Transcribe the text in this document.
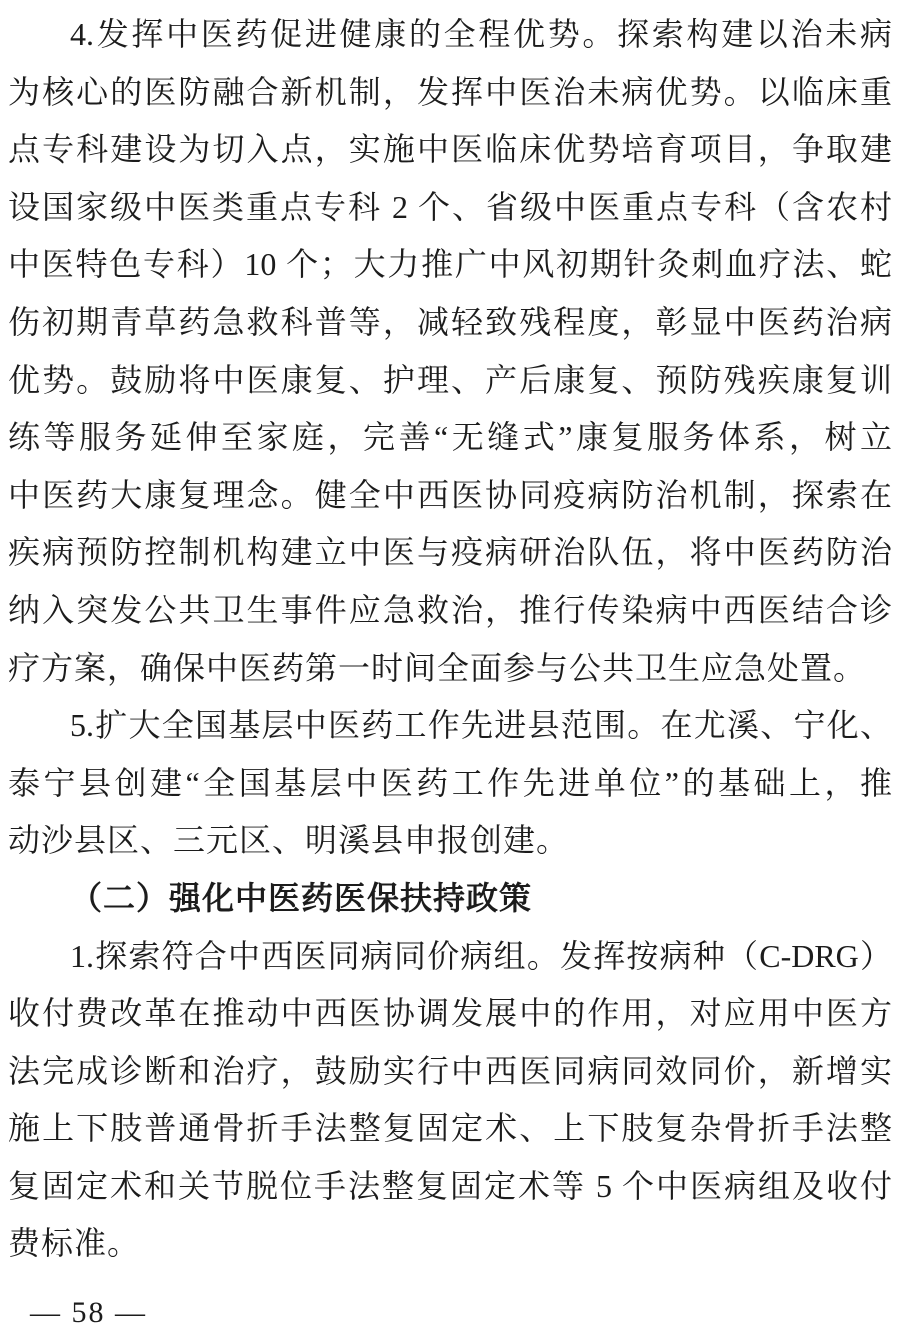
4.发挥中医药促进健康的全程优势。探索构建以治未病
为核心的医防融合新机制，发挥中医治未病优势。以临床重
点专科建设为切入点，实施中医临床优势培育项目，争取建
设国家级中医类重点专科 2 个、省级中医重点专科（含农村
中医特色专科）10 个；大力推广中风初期针灸刺血疗法、蛇
伤初期青草药急救科普等，减轻致残程度，彰显中医药治病
优势。鼓励将中医康复、护理、产后康复、预防残疾康复训
练等服务延伸至家庭，完善“无缝式”康复服务体系，树立
中医药大康复理念。健全中西医协同疫病防治机制，探索在
疾病预防控制机构建立中医与疫病研治队伍，将中医药防治
纳入突发公共卫生事件应急救治，推行传染病中西医结合诊
疗方案，确保中医药第一时间全面参与公共卫生应急处置。
5.扩大全国基层中医药工作先进县范围。在尤溪、宁化、
泰宁县创建“全国基层中医药工作先进单位”的基础上，推
动沙县区、三元区、明溪县申报创建。
（二）强化中医药医保扶持政策
1.探索符合中西医同病同价病组。发挥按病种（C-DRG）
收付费改革在推动中西医协调发展中的作用，对应用中医方
法完成诊断和治疗，鼓励实行中西医同病同效同价，新增实
施上下肢普通骨折手法整复固定术、上下肢复杂骨折手法整
复固定术和关节脱位手法整复固定术等 5 个中医病组及收付
费标准。
— 58 —
